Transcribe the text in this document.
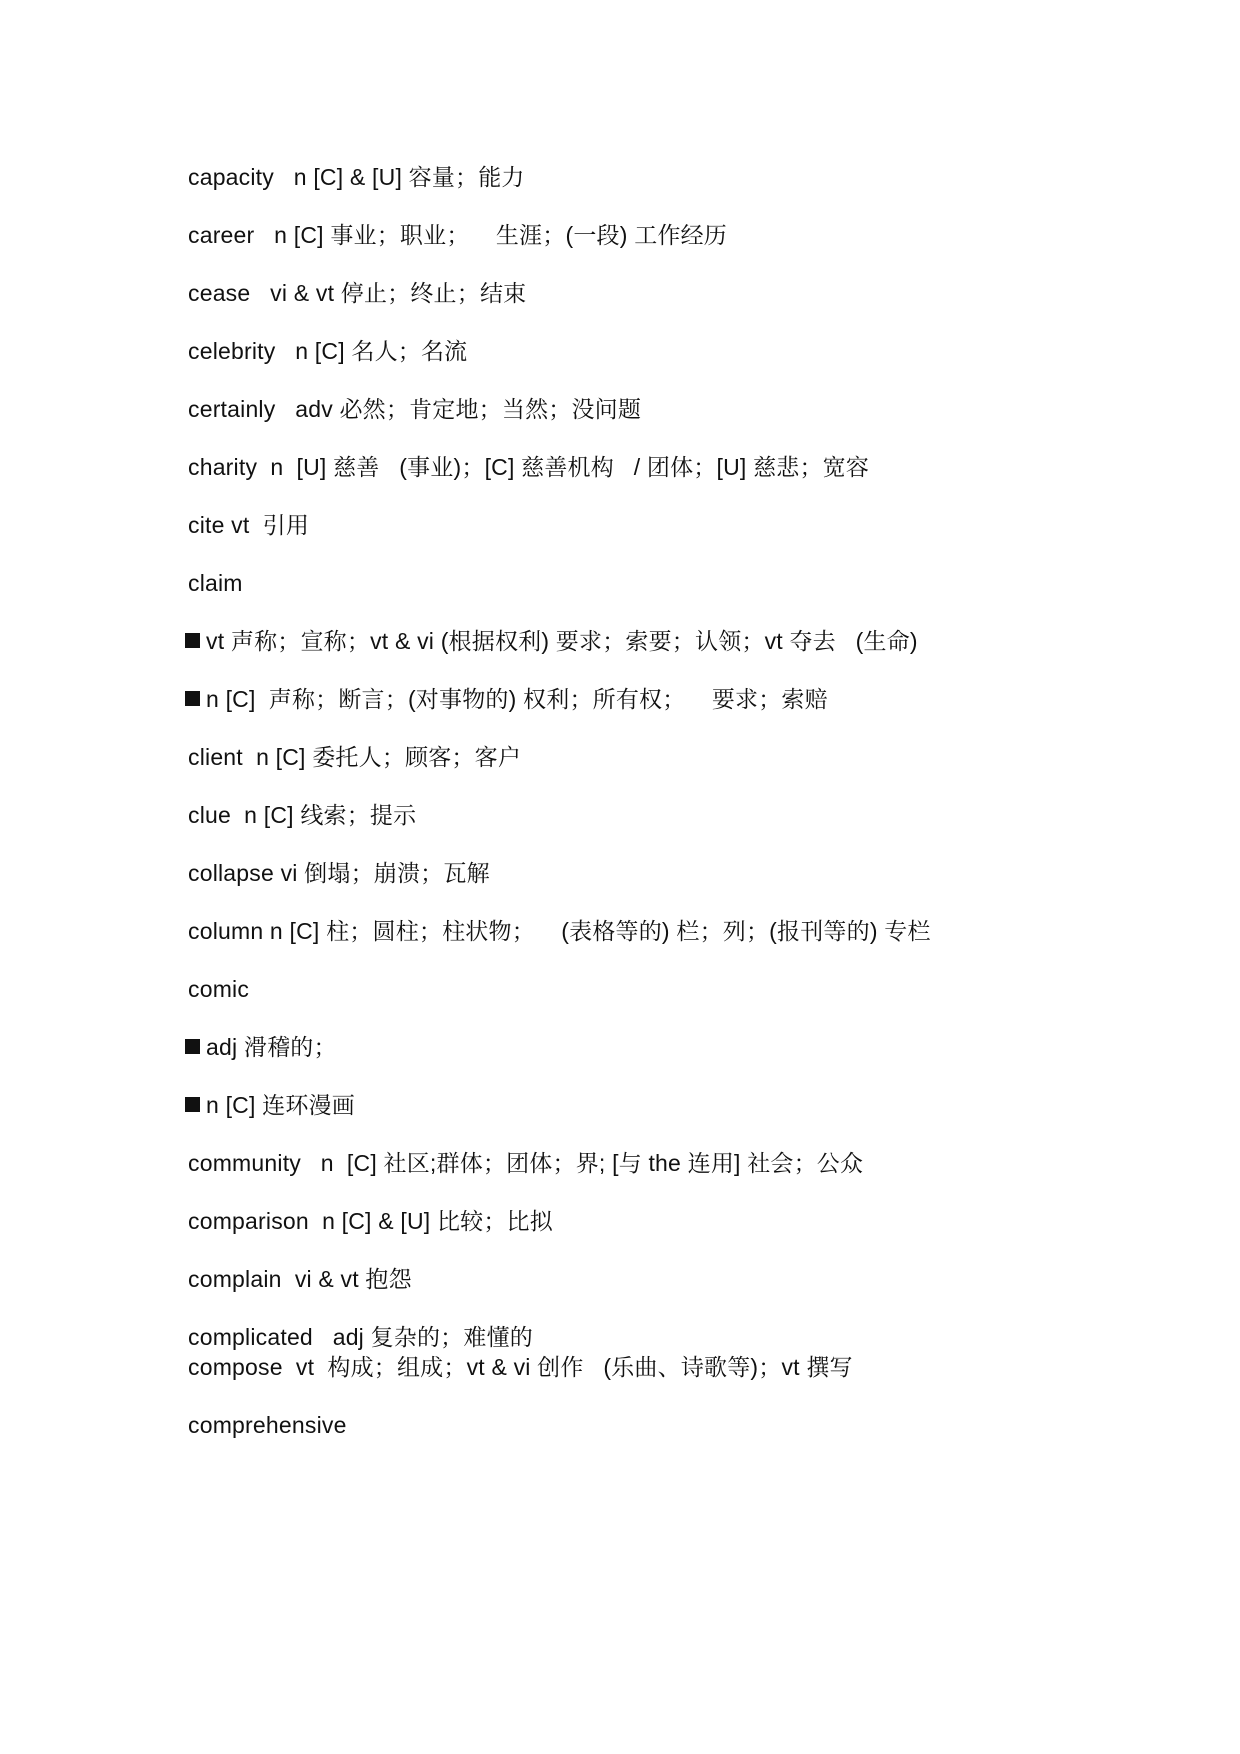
capacity   n [C] & [U] 容量；能力
career   n [C] 事业；职业；    生涯；(一段) 工作经历
cease   vi & vt 停止；终止；结束
celebrity   n [C] 名人；名流
certainly   adv 必然；肯定地；当然；没问题
charity  n  [U] 慈善   (事业)；[C] 慈善机构   / 团体；[U] 慈悲；宽容
cite vt  引用
claim
vt 声称；宣称；vt & vi (根据权利) 要求；索要；认领；vt 夺去   (生命)
n [C]  声称；断言；(对事物的) 权利；所有权；    要求；索赔
client  n [C] 委托人；顾客；客户
clue  n [C] 线索；提示
collapse vi 倒塌；崩溃；瓦解
column n [C] 柱；圆柱；柱状物；    (表格等的) 栏；列；(报刊等的) 专栏
comic
adj 滑稽的；
n [C] 连环漫画
community   n  [C] 社区;群体；团体；界; [与 the 连用] 社会；公众
comparison  n [C] & [U] 比较；比拟
complain  vi & vt 抱怨
complicated   adj 复杂的；难懂的
compose  vt  构成；组成；vt & vi 创作   (乐曲、诗歌等)；vt 撰写
comprehensive
